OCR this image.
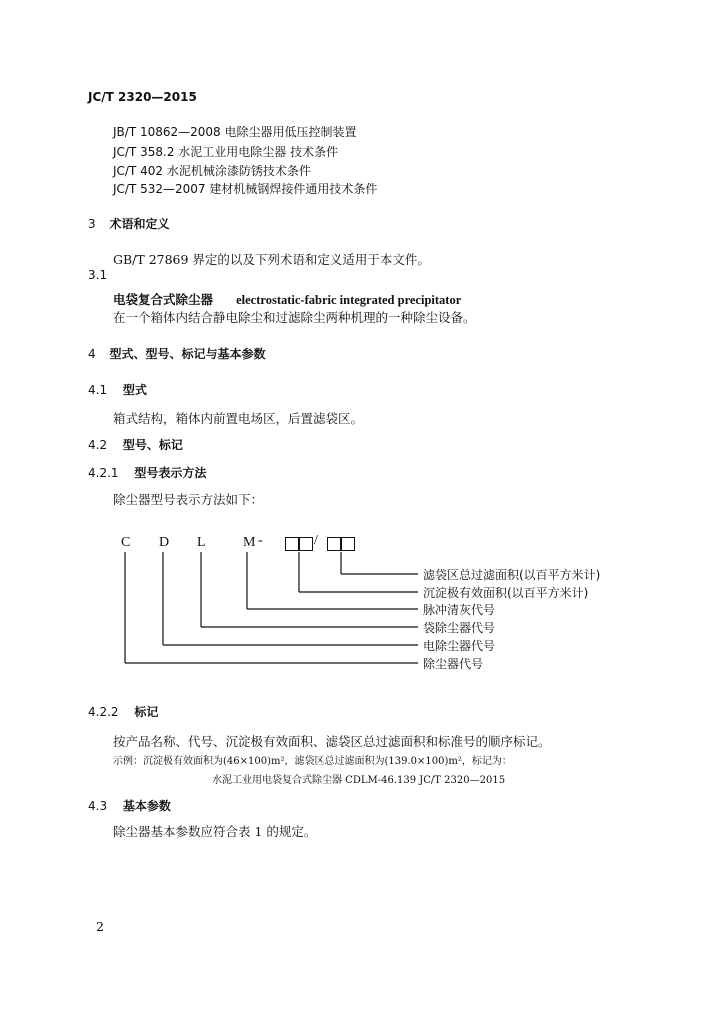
JC/T 2320—2015
JB/T 10862—2008 电除尘器用低压控制装置
JC/T 358.2 水泥工业用电除尘器 技术条件
JC/T 402 水泥机械涂漆防锈技术条件
JC/T 532—2007 建材机械钢焊接件通用技术条件
3 术语和定义
GB/T 27869 界定的以及下列术语和定义适用于本文件。
3.1
电袋复合式除尘器 electrostatic-fabric integrated precipitator
在一个箱体内结合静电除尘和过滤除尘两种机理的一种除尘设备。
4 型式、型号、标记与基本参数
4.1 型式
箱式结构，箱体内前置电场区，后置滤袋区。
4.2 型号、标记
4.2.1 型号表示方法
除尘器型号表示方法如下：
C D L	M -	/
滤袋区总过滤面积(以百平方米计)
沉淀极有效面积(以百平方米计)
脉冲清灰代号
袋除尘器代号
电除尘器代号
除尘器代号
4.2.2 标记
按产品名称、代号、沉淀极有效面积、滤袋区总过滤面积和标准号的顺序标记。
示例：沉淀极有效面积为(46×100)m²，滤袋区总过滤面积为(139.0×100)m²，标记为：
水泥工业用电袋复合式除尘器 CDLM-46.139 JC/T 2320—2015
4.3 基本参数
除尘器基本参数应符合表 1 的规定。
2
